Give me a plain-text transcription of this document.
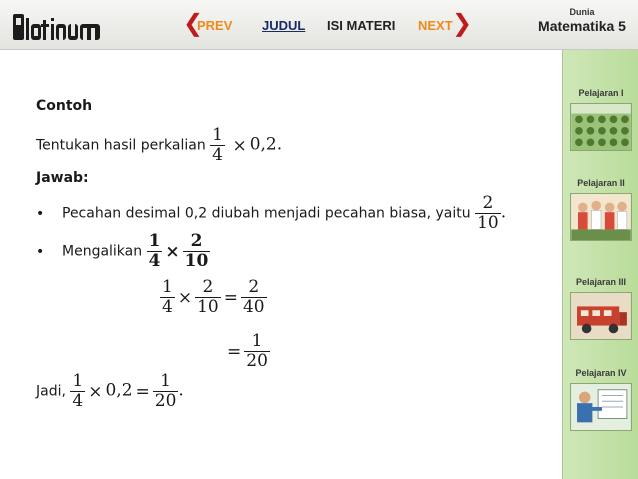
❮
PREV JUDUL ISI MATERI NEXT ❯	Dunia
Matematika 5
Pelajaran I
Pelajaran II
Pelajaran III
Pelajaran IV
Contoh
Tentukan hasil perkalian $\frac{1}{4} \times 0,2$.
Jawab:
• Pecahan desimal 0,2 diubah menjadi pecahan biasa, yaitu $\frac{2}{10}$ .
• Mengalikan $\frac{1}{4} \times \frac{2}{10}$
$\frac{1}{4} \times \frac{2}{10} = \frac{2}{40}$
= $\frac{1}{20}$
Jadi, $\frac{1}{4} \times 0,2 = \frac{1}{20}$ .
